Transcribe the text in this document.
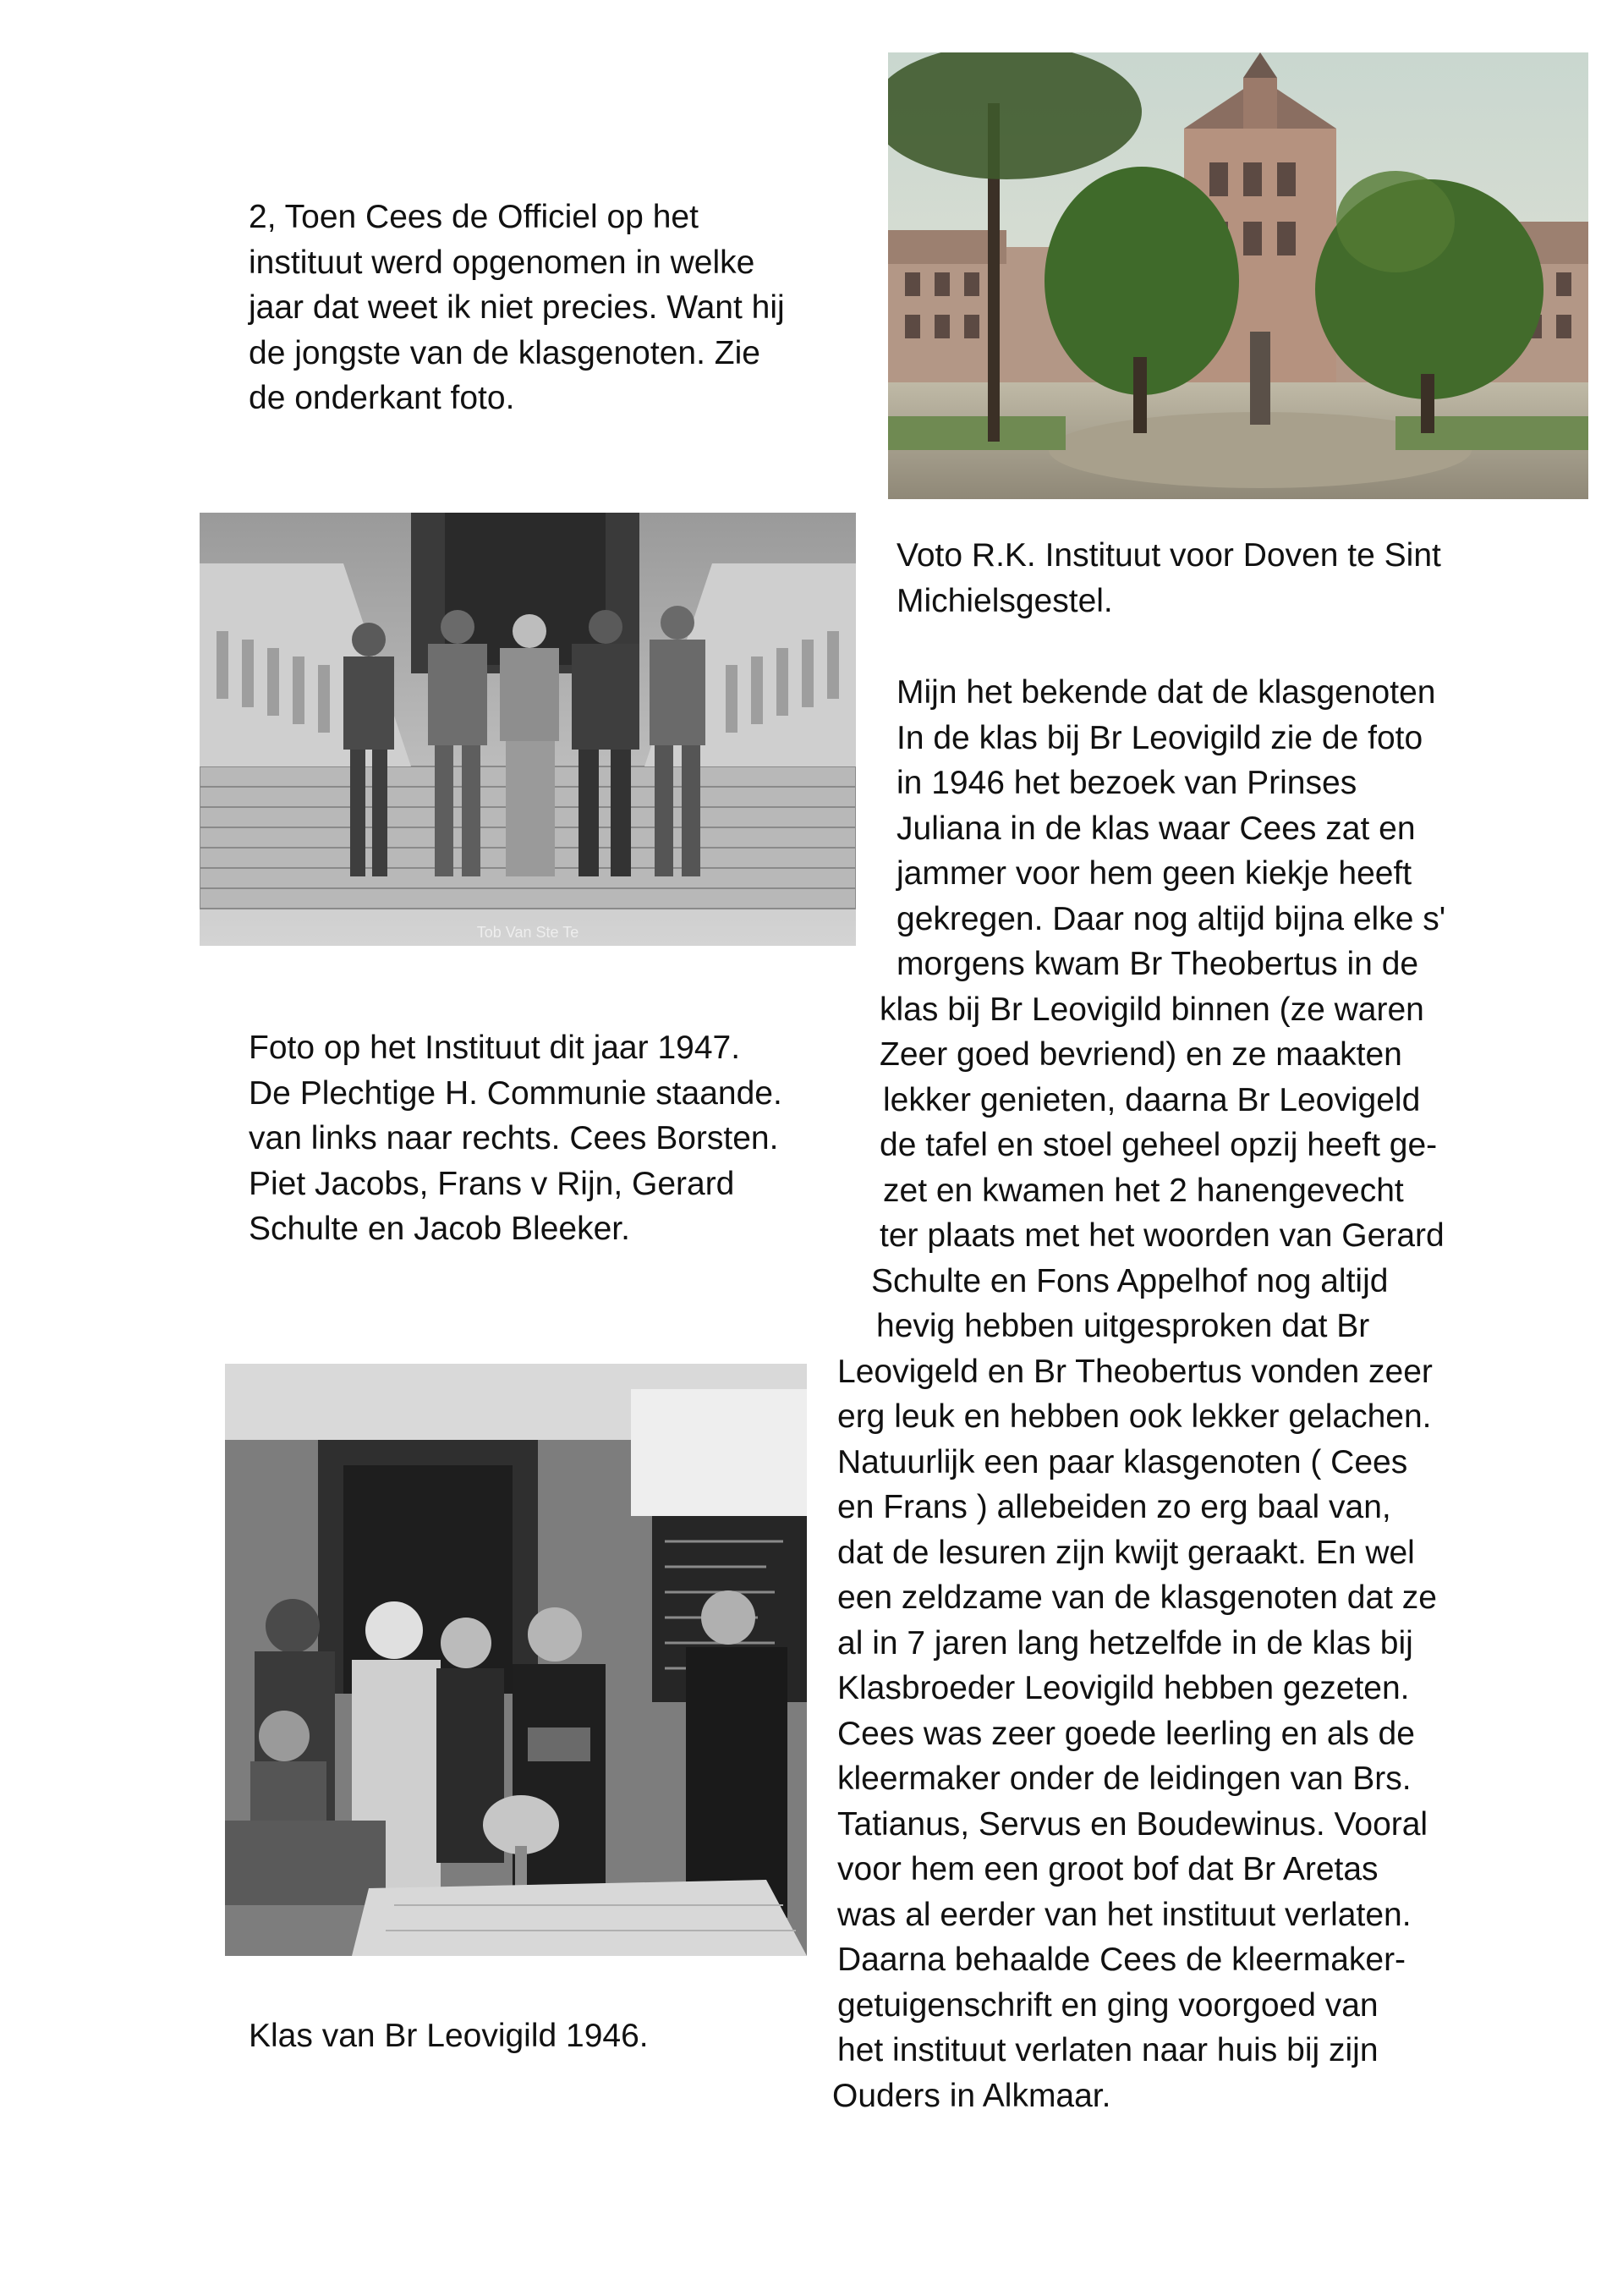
2, Toen Cees de Officiel op het
instituut werd opgenomen in welke
jaar dat weet ik niet precies. Want hij
de jongste van de klasgenoten. Zie
de onderkant foto.
Tob Van Ste Te
Voto R.K. Instituut voor Doven te Sint
Michielsgestel.
Mijn het bekende dat de klasgenoten
In de klas bij Br Leovigild zie de foto
in 1946 het bezoek van Prinses
Juliana in de klas waar Cees zat en
jammer voor hem geen kiekje heeft
gekregen. Daar nog altijd bijna elke s'
morgens kwam Br Theobertus in de
klas bij Br Leovigild binnen (ze waren
Zeer goed bevriend) en ze maakten
lekker genieten, daarna Br Leovigeld
de tafel en stoel geheel opzij heeft ge-
zet en kwamen het 2 hanengevecht
ter plaats met het woorden van Gerard
Schulte en Fons Appelhof nog altijd
hevig hebben uitgesproken dat Br
Leovigeld en Br Theobertus vonden zeer
erg leuk en hebben ook lekker gelachen.
Natuurlijk een paar klasgenoten ( Cees
en Frans ) allebeiden zo erg baal van,
dat de lesuren zijn kwijt geraakt. En wel
een zeldzame van de klasgenoten dat ze
al in 7 jaren lang hetzelfde in de klas bij
Klasbroeder Leovigild hebben gezeten.
Cees was zeer goede leerling en als de
kleermaker onder de leidingen van Brs.
Tatianus, Servus en Boudewinus. Vooral
voor hem een groot bof dat Br Aretas
was al eerder van het instituut verlaten.
Daarna behaalde Cees de kleermaker-
getuigenschrift en ging voorgoed van
het instituut verlaten naar huis bij zijn
Ouders in Alkmaar.
Foto op het Instituut dit jaar 1947.
De Plechtige H. Communie staande.
van links naar rechts. Cees Borsten.
Piet Jacobs, Frans v Rijn, Gerard
Schulte en Jacob Bleeker.
Klas van Br Leovigild 1946.
